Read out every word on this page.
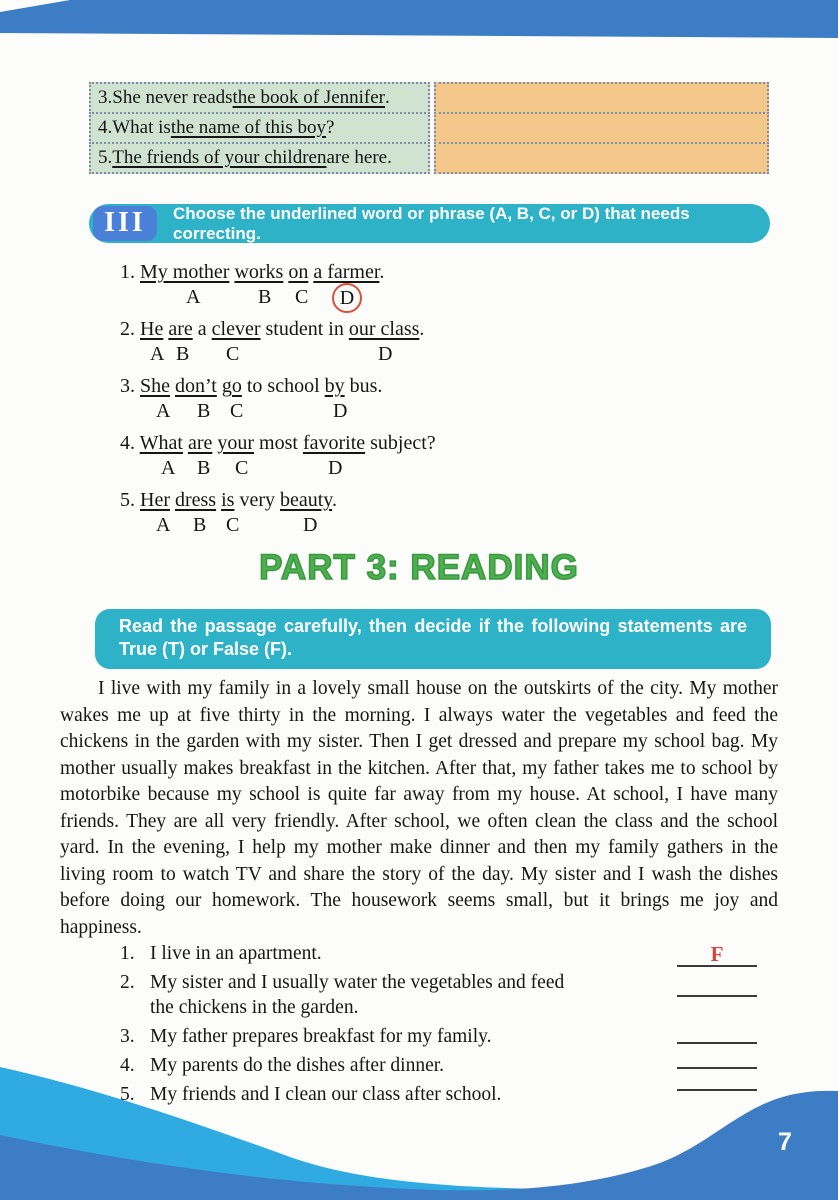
3. She never reads the book of Jennifer .
4. What is the name of this boy ?
5. The friends of your children are here.
III	Choose the underlined word or phrase (A, B, C, or D) that needs correcting.
1. My mother works on a farmer.
A	B C	D
2. He are a clever student in our class.
A B C	D
3. She don’t go to school by bus.
A B C	D
4. What are your most favorite subject?
A B C	D
5. Her dress is very beauty.
A B C	D
PART 3: READING
Read the passage carefully, then decide if the following statements are True (T) or False (F).
I live with my family in a lovely small house on the outskirts of the city. My mother wakes me up at five thirty in the morning. I always water the vegetables and feed the chickens in the garden with my sister. Then I get dressed and prepare my school bag. My mother usually makes breakfast in the kitchen. After that, my father takes me to school by motorbike because my school is quite far away from my house. At school, I have many friends. They are all very friendly. After school, we often clean the class and the school yard. In the evening, I help my mother make dinner and then my family gathers in the living room to watch TV and share the story of the day. My sister and I wash the dishes before doing our homework. The housework seems small, but it brings me joy and happiness.
1. I live in an apartment.
2. My sister and I usually water the vegetables and feed the chickens in the garden.
3. My father prepares breakfast for my family.
4. My parents do the dishes after dinner.
5. My friends and I clean our class after school.
F
7
